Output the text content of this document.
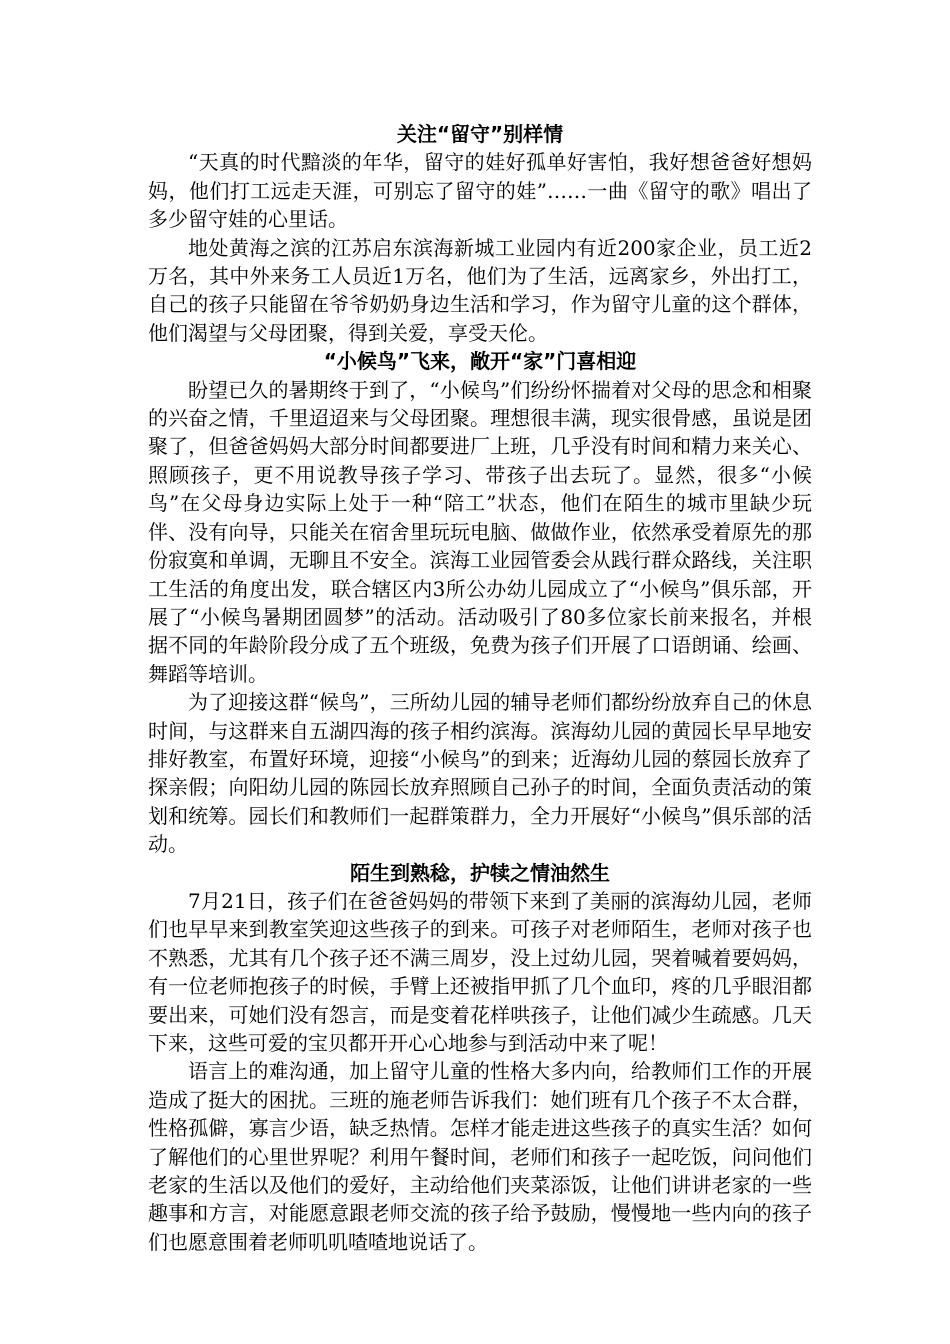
关注“留守”别样情

“天真的时代黯淡的年华，留守的娃好孤单好害怕，我好想爸爸好想妈妈，他们打工远走天涯，可别忘了留守的娃”……一曲《留守的歌》唱出了多少留守娃的心里话。

地处黄海之滨的江苏启东滨海新城工业园内有近200家企业，员工近2万名，其中外来务工人员近1万名，他们为了生活，远离家乡，外出打工，自己的孩子只能留在爷爷奶奶身边生活和学习，作为留守儿童的这个群体，他们渴望与父母团聚，得到关爱，享受天伦。

“小候鸟”飞来，敞开“家”门喜相迎

盼望已久的暑期终于到了，“小候鸟”们纷纷怀揣着对父母的思念和相聚的兴奋之情，千里迢迢来与父母团聚。理想很丰满，现实很骨感，虽说是团聚了，但爸爸妈妈大部分时间都要进厂上班，几乎没有时间和精力来关心、照顾孩子，更不用说教导孩子学习、带孩子出去玩了。显然，很多“小候鸟”在父母身边实际上处于一种“陪工”状态，他们在陌生的城市里缺少玩伴、没有向导，只能关在宿舍里玩玩电脑、做做作业，依然承受着原先的那份寂寞和单调，无聊且不安全。滨海工业园管委会从践行群众路线，关注职工生活的角度出发，联合辖区内3所公办幼儿园成立了“小候鸟”俱乐部，开展了“小候鸟暑期团圆梦”的活动。活动吸引了80多位家长前来报名，并根据不同的年龄阶段分成了五个班级，免费为孩子们开展了口语朗诵、绘画、舞蹈等培训。

为了迎接这群“候鸟”，三所幼儿园的辅导老师们都纷纷放弃自己的休息时间，与这群来自五湖四海的孩子相约滨海。滨海幼儿园的黄园长早早地安排好教室，布置好环境，迎接“小候鸟”的到来；近海幼儿园的蔡园长放弃了探亲假；向阳幼儿园的陈园长放弃照顾自己孙子的时间，全面负责活动的策划和统筹。园长们和教师们一起群策群力，全力开展好“小候鸟”俱乐部的活动。

陌生到熟稔，护犊之情油然生

7月21日，孩子们在爸爸妈妈的带领下来到了美丽的滨海幼儿园，老师们也早早来到教室笑迎这些孩子的到来。可孩子对老师陌生，老师对孩子也不熟悉，尤其有几个孩子还不满三周岁，没上过幼儿园，哭着喊着要妈妈，有一位老师抱孩子的时候，手臂上还被指甲抓了几个血印，疼的几乎眼泪都要出来，可她们没有怨言，而是变着花样哄孩子，让他们减少生疏感。几天下来，这些可爱的宝贝都开开心心地参与到活动中来了呢！

语言上的难沟通，加上留守儿童的性格大多内向，给教师们工作的开展造成了挺大的困扰。三班的施老师告诉我们：她们班有几个孩子不太合群，性格孤僻，寡言少语，缺乏热情。怎样才能走进这些孩子的真实生活？如何了解他们的心里世界呢？利用午餐时间，老师们和孩子一起吃饭，问问他们老家的生活以及他们的爱好，主动给他们夹菜添饭，让他们讲讲老家的一些趣事和方言，对能愿意跟老师交流的孩子给予鼓励，慢慢地一些内向的孩子们也愿意围着老师叽叽喳喳地说话了。
